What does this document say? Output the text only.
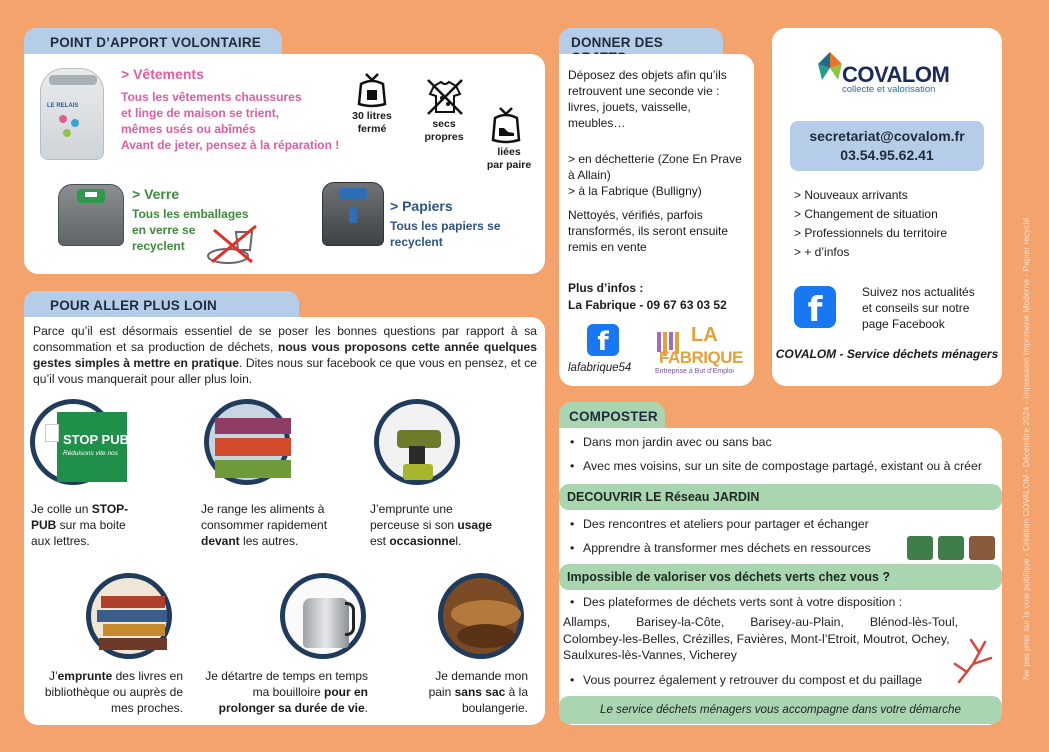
POINT D’APPORT VOLONTAIRE
LE RELAIS
> Vêtements
Tous les vêtements chaussures
et linge de maison se trient,
mêmes usés ou abîmés
Avant de jeter, pensez à la réparation !
30 litres
fermé	secs
propres
liées
par paire
> Verre
Tous les emballages
en verre se
recyclent
> Papiers
Tous les papiers se
recyclent
DONNER DES
Déposez des objets afin qu’ils
retrouvent une seconde vie :
livres, jouets, vaisselle,
meubles…
> en déchetterie (Zone En Prave
à Allain)
> à la Fabrique (Bulligny)
Nettoyés, vérifiés, parfois
transformés, ils seront ensuite
remis en vente
Plus d’infos :
La Fabrique - 09 67 63 03 52
f
lafabrique54
LA
FABRIQUE
Entreprise à But d’Emploi
COVALOM
collecte et valorisation
secretariat@covalom.fr
03.54.95.62.41
> Nouveaux arrivants
> Changement de situation
> Professionnels du territoire
> + d’infos
f	Suivez nos actualités
et conseils sur notre
page Facebook
COVALOM - Service déchets ménagers
POUR ALLER PLUS LOIN

Parce qu’il est désormais essentiel de se poser les bonnes questions par rapport à sa consommation et sa production de déchets, nous vous proposons cette année quelques gestes simples à mettre en pratique. Dites nous sur facebook ce que vous en pensez, et ce qu’il vous manquerait pour aller plus loin.

STOP PUB
Réduisons vite nos
Je colle un STOP-PUB sur ma boite aux lettres.
Je range les aliments à consommer rapidement devant les autres.
J’emprunte une perceuse si son usage est occasionnel.
J’emprunte des livres en bibliothèque ou auprès de mes proches.
Je détartre de temps en temps ma bouilloire pour en prolonger sa durée de vie.
Je demande mon pain sans sac à la boulangerie.
COMPOSTER
• Dans mon jardin avec ou sans bac
• Avec mes voisins, sur un site de compostage partagé, existant ou à créer
DECOUVRIR LE Réseau JARDIN
• Des rencontres et ateliers pour partager et échanger
• Apprendre à transformer mes déchets en ressources
Impossible de valoriser vos déchets verts chez vous ?
• Des plateformes de déchets verts sont à votre disposition :
Allamps, Barisey-la-Côte, Barisey-au-Plain, Blénod-lès-Toul,
Colombey-les-Belles, Crézilles, Favières, Mont-l’Etroit, Moutrot, Ochey,
Saulxures-lès-Vannes, Vicherey
• Vous pourrez également y retrouver du compost et du paillage
Le service déchets ménagers vous accompagne dans votre démarche
Ne pas jeter sur la voie publique - Création COVALOM - Décembre 2024 - Impression Imprimerie Moderne - Papier recyclé
